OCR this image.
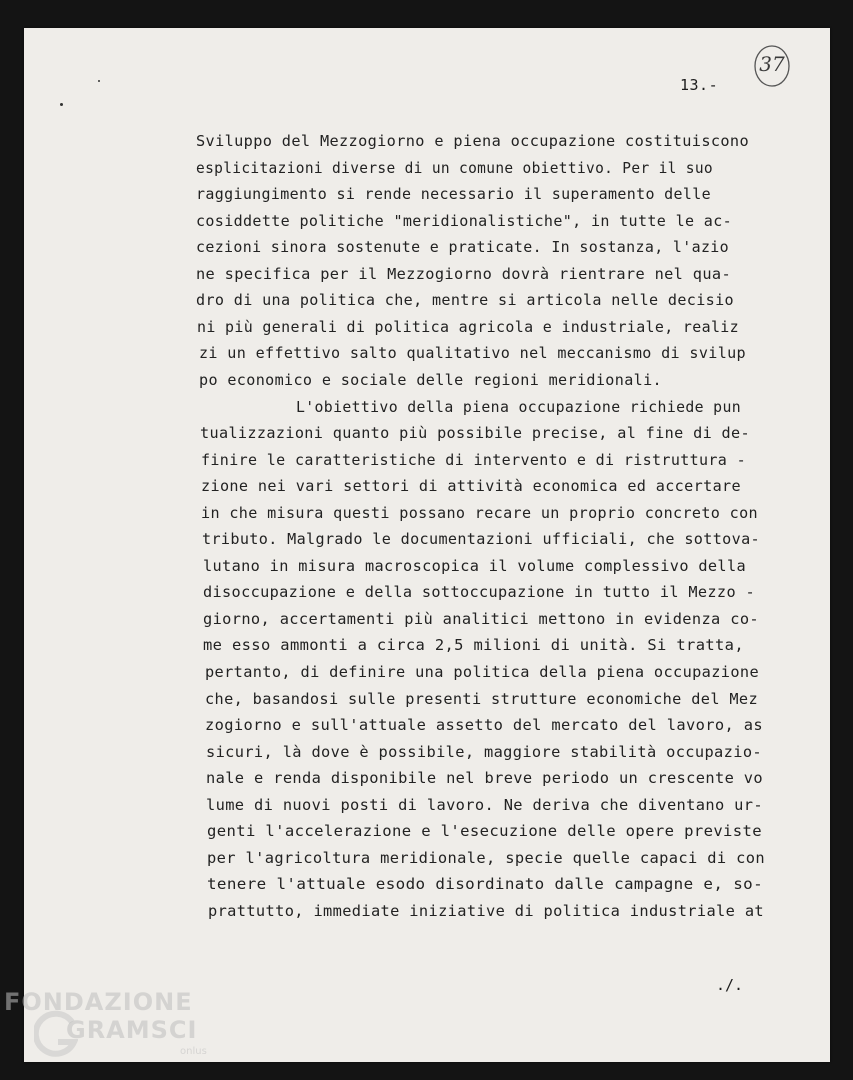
13.-
37
Sviluppo del Mezzogiorno e piena occupazione costituiscono
esplicitazioni diverse di un comune obiettivo. Per il suo
raggiungimento si rende necessario il superamento delle
cosiddette politiche "meridionalistiche", in tutte le ac-
cezioni sinora sostenute e praticate. In sostanza, l'azio
ne specifica per il Mezzogiorno dovrà rientrare nel qua-
dro di una politica che, mentre si articola nelle decisio
ni più generali di politica agricola e industriale, realiz
zi un effettivo salto qualitativo nel meccanismo di svilup
po economico e sociale delle regioni meridionali.
L'obiettivo della piena occupazione richiede pun
tualizzazioni quanto più possibile precise, al fine di de-
finire le caratteristiche di intervento e di ristruttura -
zione nei vari settori di attività economica ed accertare
in che misura questi possano recare un proprio concreto con
tributo. Malgrado le documentazioni ufficiali, che sottova-
lutano in misura macroscopica il volume complessivo della
disoccupazione e della sottoccupazione in tutto il Mezzo -
giorno, accertamenti più analitici mettono in evidenza co-
me esso ammonti a circa 2,5 milioni di unità. Si tratta,
pertanto, di definire una politica della piena occupazione
che, basandosi sulle presenti strutture economiche del Mez
zogiorno e sull'attuale assetto del mercato del lavoro, as
sicuri, là dove è possibile, maggiore stabilità occupazio-
nale e renda disponibile nel breve periodo un crescente vo
lume di nuovi posti di lavoro. Ne deriva che diventano ur-
genti l'accelerazione e l'esecuzione delle opere previste
per l'agricoltura meridionale, specie quelle capaci di con
tenere l'attuale esodo disordinato dalle campagne e, so-
prattutto, immediate iniziative di politica industriale at
./.
FONDAZIONE
GRAMSCI
onlus
